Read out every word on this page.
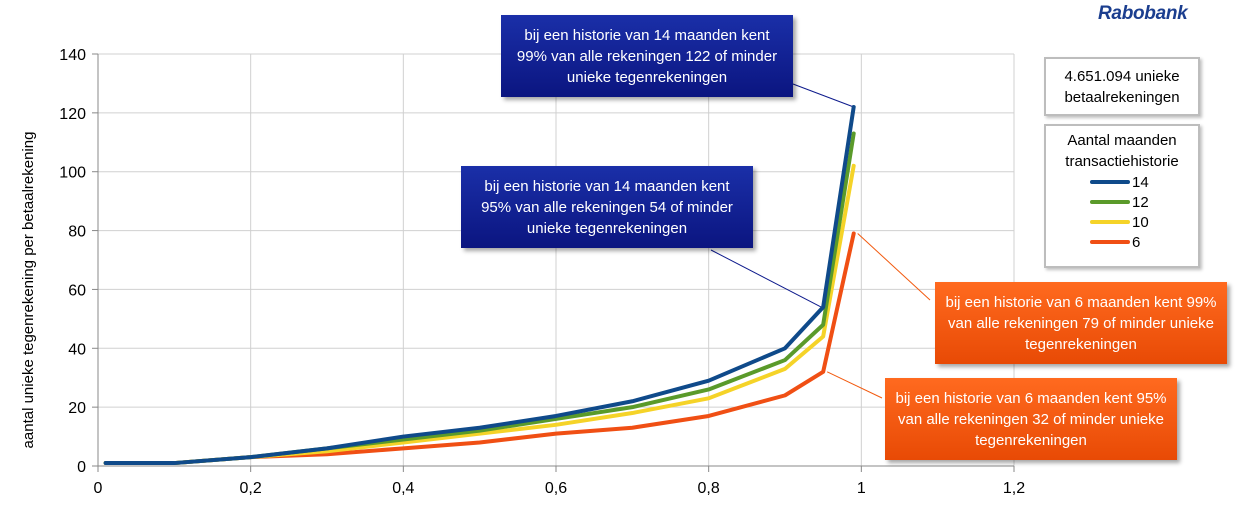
0
20
40
60
80
100
120
140
0	0,2	0,4	0,6	0,8	1	1,2
aantal unieke tegenrekening per betaalrekening
Rabobank
bij een historie van 14 maanden kent 99% van alle rekeningen 122 of minder unieke tegenrekeningen
bij een historie van 14 maanden kent 95% van alle rekeningen 54 of minder unieke tegenrekeningen
bij een historie van 6 maanden kent 99% van alle rekeningen 79 of minder unieke tegenrekeningen
bij een historie van 6 maanden kent 95% van alle rekeningen 32 of minder unieke tegenrekeningen
4.651.094 unieke betaalrekeningen
Aantal maanden transactiehistorie
14
12
10
6
